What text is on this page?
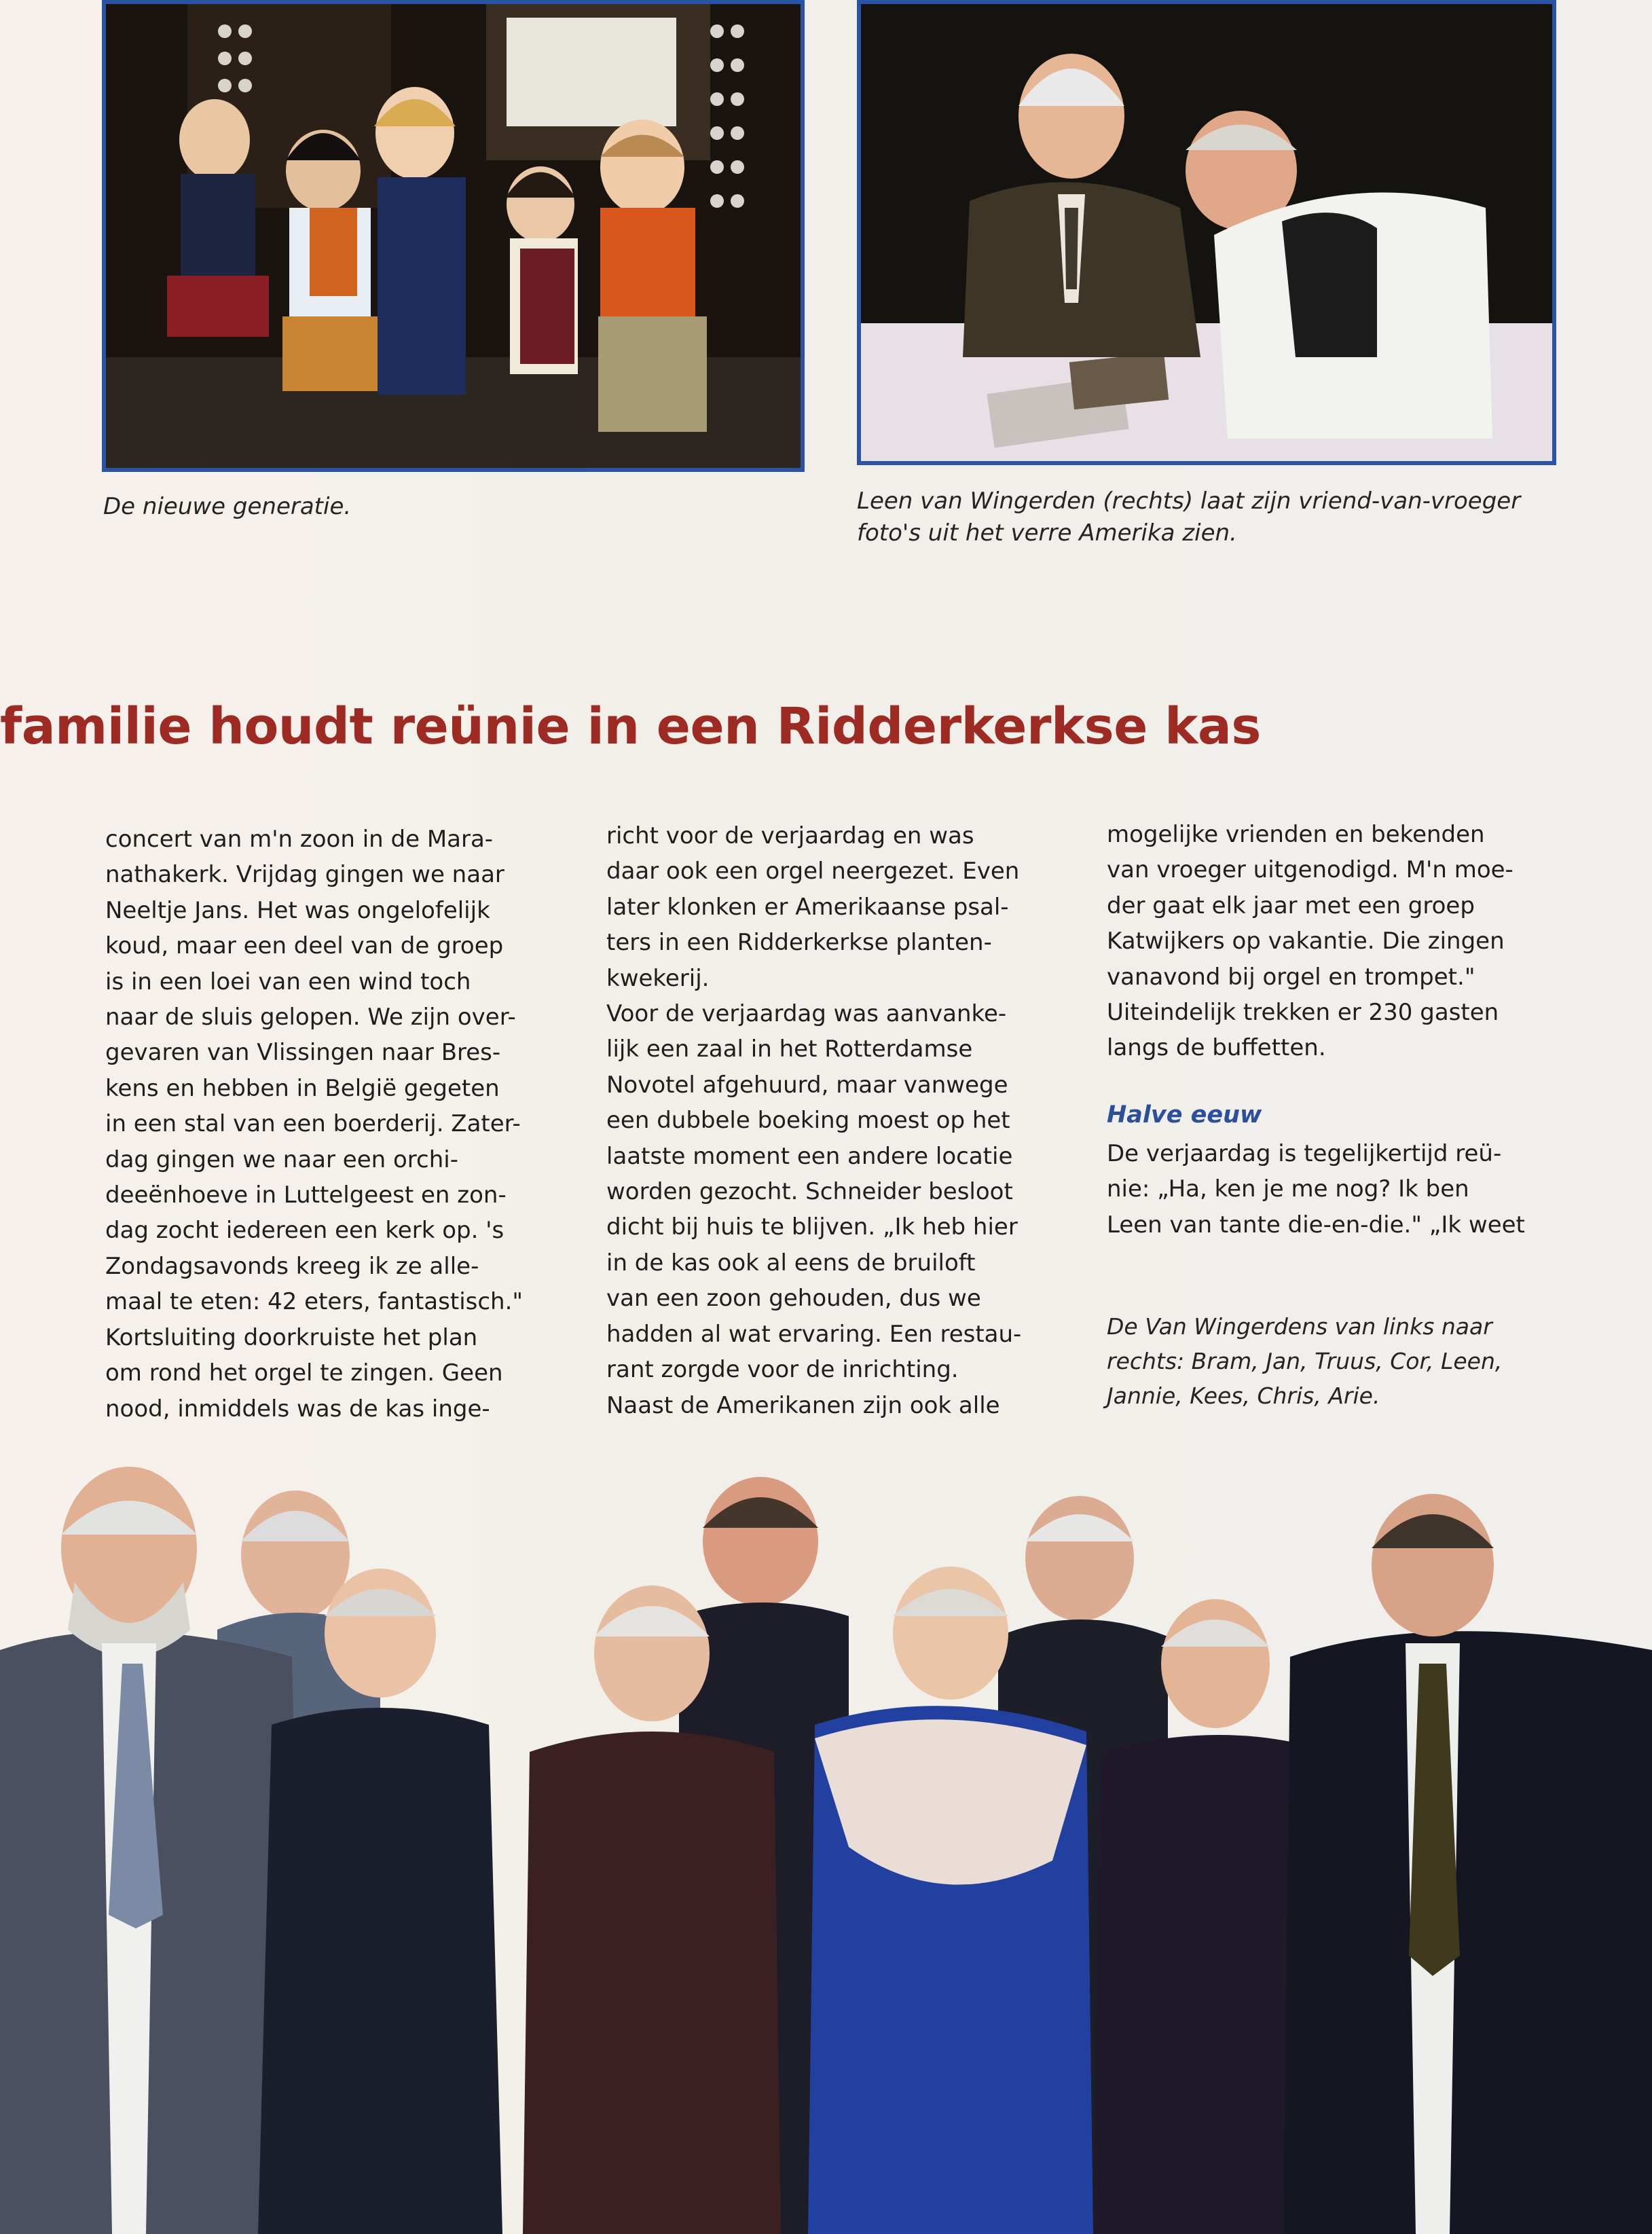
De nieuwe generatie.	Leen van Wingerden (rechts) laat zijn vriend-van-vroeger foto's uit het verre Amerika zien.

familie houdt reünie in een Ridderkerkse kas

concert van m'n zoon in de Mara-
nathakerk. Vrijdag gingen we naar
Neeltje Jans. Het was ongelofelijk
koud, maar een deel van de groep
is in een loei van een wind toch
naar de sluis gelopen. We zijn over-
gevaren van Vlissingen naar Bres-
kens en hebben in België gegeten
in een stal van een boerderij. Zater-
dag gingen we naar een orchi-
deeënhoeve in Luttelgeest en zon-
dag zocht iedereen een kerk op. 's
Zondagsavonds kreeg ik ze alle-
maal te eten: 42 eters, fantastisch."
Kortsluiting doorkruiste het plan
om rond het orgel te zingen. Geen
nood, inmiddels was de kas inge-

richt voor de verjaardag en was
daar ook een orgel neergezet. Even
later klonken er Amerikaanse psal-
ters in een Ridderkerkse planten-
kwekerij.
Voor de verjaardag was aanvanke-
lijk een zaal in het Rotterdamse
Novotel afgehuurd, maar vanwege
een dubbele boeking moest op het
laatste moment een andere locatie
worden gezocht. Schneider besloot
dicht bij huis te blijven. „Ik heb hier
in de kas ook al eens de bruiloft
van een zoon gehouden, dus we
hadden al wat ervaring. Een restau-
rant zorgde voor de inrichting.
Naast de Amerikanen zijn ook alle

mogelijke vrienden en bekenden
van vroeger uitgenodigd. M'n moe-
der gaat elk jaar met een groep
Katwijkers op vakantie. Die zingen
vanavond bij orgel en trompet."
Uiteindelijk trekken er 230 gasten
langs de buffetten.

Halve eeuw

De verjaardag is tegelijkertijd reü-
nie: „Ha, ken je me nog? Ik ben
Leen van tante die-en-die." „Ik weet

De Van Wingerdens van links naar rechts: Bram, Jan, Truus, Cor, Leen, Jannie, Kees, Chris, Arie.
